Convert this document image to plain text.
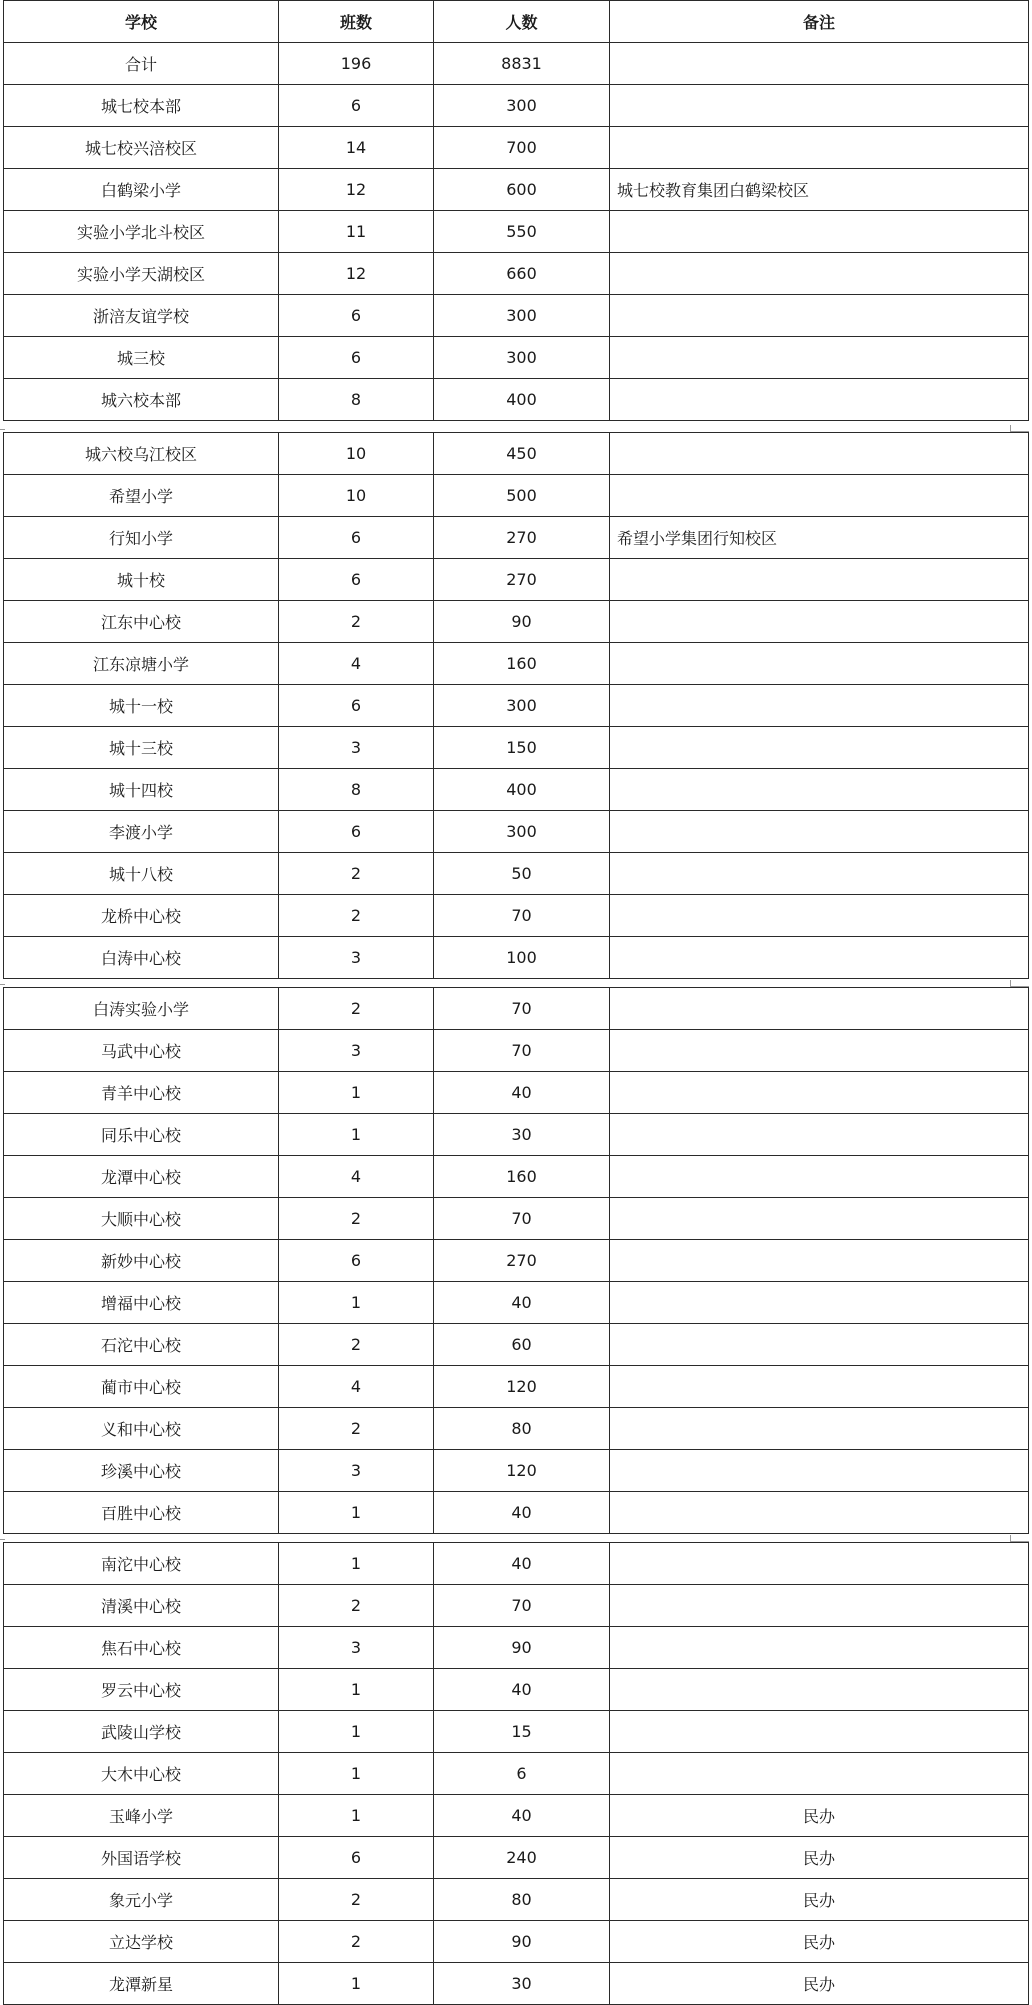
学校	班数	人数	备注
合计	196	8831	
城七校本部	6	300	
城七校兴涪校区	14	700	
白鹤梁小学	12	600	城七校教育集团白鹤梁校区
实验小学北斗校区	11	550	
实验小学天湖校区	12	660	
浙涪友谊学校	6	300	
城三校	6	300	
城六校本部	8	400	
城六校乌江校区	10	450	
希望小学	10	500	
行知小学	6	270	希望小学集团行知校区
城十校	6	270	
江东中心校	2	90	
江东凉塘小学	4	160	
城十一校	6	300	
城十三校	3	150	
城十四校	8	400	
李渡小学	6	300	
城十八校	2	50	
龙桥中心校	2	70	
白涛中心校	3	100	
白涛实验小学	2	70	
马武中心校	3	70	
青羊中心校	1	40	
同乐中心校	1	30	
龙潭中心校	4	160	
大顺中心校	2	70	
新妙中心校	6	270	
增福中心校	1	40	
石沱中心校	2	60	
蔺市中心校	4	120	
义和中心校	2	80	
珍溪中心校	3	120	
百胜中心校	1	40	
南沱中心校	1	40	
清溪中心校	2	70	
焦石中心校	3	90	
罗云中心校	1	40	
武陵山学校	1	15	
大木中心校	1	6	
玉峰小学	1	40	民办
外国语学校	6	240	民办
象元小学	2	80	民办
立达学校	2	90	民办
龙潭新星	1	30	民办
